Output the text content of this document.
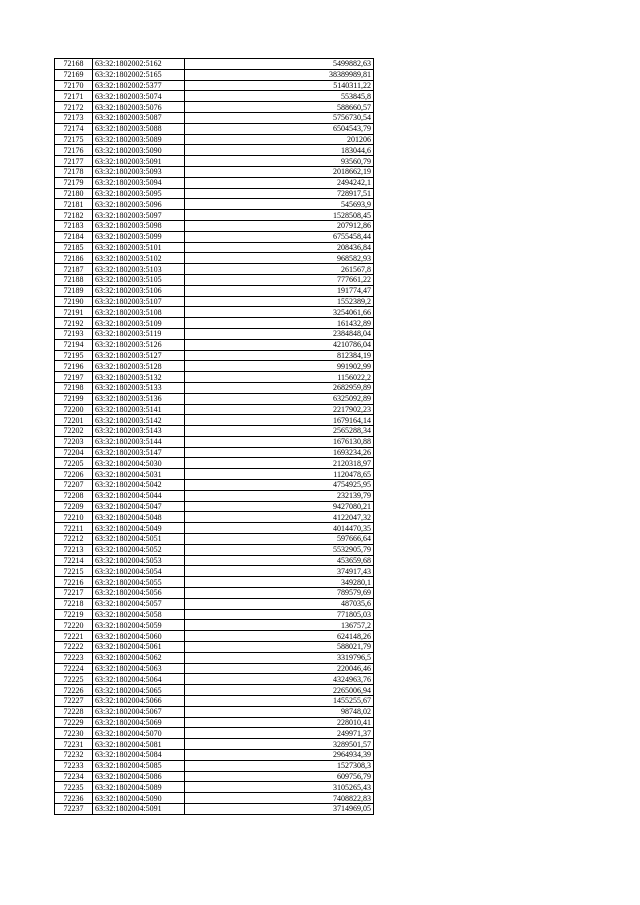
72168	63:32:1802002:5162	5499882,63
72169	63:32:1802002:5165	38389989,81
72170	63:32:1802002:5377	5140311,22
72171	63:32:1802003:5074	553845,8
72172	63:32:1802003:5076	588660,57
72173	63:32:1802003:5087	5756730,54
72174	63:32:1802003:5088	6504543,79
72175	63:32:1802003:5089	201206
72176	63:32:1802003:5090	183044,6
72177	63:32:1802003:5091	93560,79
72178	63:32:1802003:5093	2018662,19
72179	63:32:1802003:5094	2494242,1
72180	63:32:1802003:5095	728917,51
72181	63:32:1802003:5096	545693,9
72182	63:32:1802003:5097	1528508,45
72183	63:32:1802003:5098	207912,86
72184	63:32:1802003:5099	6755458,44
72185	63:32:1802003:5101	208436,84
72186	63:32:1802003:5102	968582,93
72187	63:32:1802003:5103	261567,8
72188	63:32:1802003:5105	777661,22
72189	63:32:1802003:5106	191774,47
72190	63:32:1802003:5107	1552389,2
72191	63:32:1802003:5108	3254061,66
72192	63:32:1802003:5109	161432,89
72193	63:32:1802003:5119	2384848,04
72194	63:32:1802003:5126	4210786,04
72195	63:32:1802003:5127	812384,19
72196	63:32:1802003:5128	991902,99
72197	63:32:1802003:5132	1156022,2
72198	63:32:1802003:5133	2682959,89
72199	63:32:1802003:5136	6325092,89
72200	63:32:1802003:5141	2217902,23
72201	63:32:1802003:5142	1679164,14
72202	63:32:1802003:5143	2565288,34
72203	63:32:1802003:5144	1676130,88
72204	63:32:1802003:5147	1693234,26
72205	63:32:1802004:5030	2120318,97
72206	63:32:1802004:5031	1120478,65
72207	63:32:1802004:5042	4754925,95
72208	63:32:1802004:5044	232139,79
72209	63:32:1802004:5047	9427080,21
72210	63:32:1802004:5048	4122047,32
72211	63:32:1802004:5049	4014470,35
72212	63:32:1802004:5051	597666,64
72213	63:32:1802004:5052	5532905,79
72214	63:32:1802004:5053	453659,68
72215	63:32:1802004:5054	374917,43
72216	63:32:1802004:5055	349280,1
72217	63:32:1802004:5056	789579,69
72218	63:32:1802004:5057	487035,6
72219	63:32:1802004:5058	771805,03
72220	63:32:1802004:5059	136757,2
72221	63:32:1802004:5060	624148,26
72222	63:32:1802004:5061	588021,79
72223	63:32:1802004:5062	3319796,5
72224	63:32:1802004:5063	220046,46
72225	63:32:1802004:5064	4324963,76
72226	63:32:1802004:5065	2265006,94
72227	63:32:1802004:5066	1455255,67
72228	63:32:1802004:5067	98748,02
72229	63:32:1802004:5069	228010,41
72230	63:32:1802004:5070	249971,37
72231	63:32:1802004:5081	3289501,57
72232	63:32:1802004:5084	2964934,39
72233	63:32:1802004:5085	1527308,3
72234	63:32:1802004:5086	609756,79
72235	63:32:1802004:5089	3105265,43
72236	63:32:1802004:5090	7408822,83
72237	63:32:1802004:5091	3714969,05
